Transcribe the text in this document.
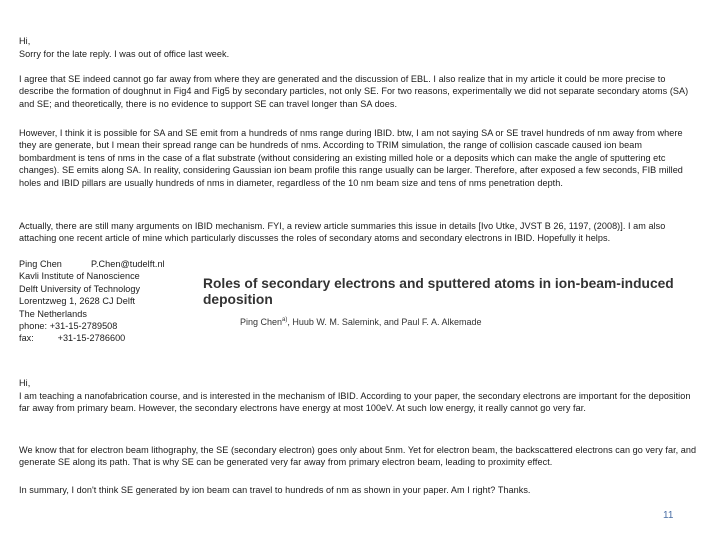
Hi,
Sorry for the late reply. I was out of office last week.
I agree that SE indeed cannot go far away from where they are generated and the discussion of EBL. I also realize that in my article it could be more precise to describe the formation of doughnut in Fig4 and Fig5 by secondary particles, not only SE. For two reasons, experimentally we did not separate secondary atoms (SA) and SE; and theoretically, there is no evidence to support SE can travel longer than SA does.
However, I think it is possible for SA and SE emit from a hundreds of nms range during IBID. btw, I am not saying SA or SE travel hundreds of nm away from where they are generate, but I mean their spread range can be hundreds of nms. According to TRIM simulation, the range of collision cascade caused ion beam bombardment is tens of nms in the case of a flat substrate (without considering an existing milled hole or a deposits which can make the angle of sputtering etc changes). SE emits along SA. In reality, considering Gaussian ion beam profile this range usually can be larger. Therefore, after exposed a few seconds, FIB milled holes and IBID pillars are usually hundreds of nms in diameter, regardless of the 10 nm beam size and tens of nms penetration depth.
Actually, there are still many arguments on IBID mechanism. FYI, a review article summaries this issue in details [Ivo Utke, JVST B 26, 1197, (2008)]. I am also attaching one recent article of mine which particularly discusses the roles of secondary atoms and secondary electrons in IBID. Hopefully it helps.
Ping Chen	P.Chen@tudelft.nl
Kavli Institute of Nanoscience
Delft University of Technology
Lorentzweg 1, 2628 CJ Delft
The Netherlands
phone: +31-15-2789508
fax:	+31-15-2786600
Roles of secondary electrons and sputtered atoms in ion-beam-induced deposition
Ping Chen$^{a)}$, Huub W. M. Salemink, and Paul F. A. Alkemade
Hi,
I am teaching a nanofabrication course, and is interested in the mechanism of IBID. According to your paper, the secondary electrons are important for the deposition far away from primary beam. However, the secondary electrons have energy at most 100eV. At such low energy, it really cannot go very far.
We know that for electron beam lithography, the SE (secondary electron) goes only about 5nm. Yet for electron beam, the backscattered electrons can go very far, and generate SE along its path. That is why SE can be generated very far away from primary electron beam, leading to proximity effect.
In summary, I don't think SE generated by ion beam can travel to hundreds of nm as shown in your paper. Am I right? Thanks.
11
